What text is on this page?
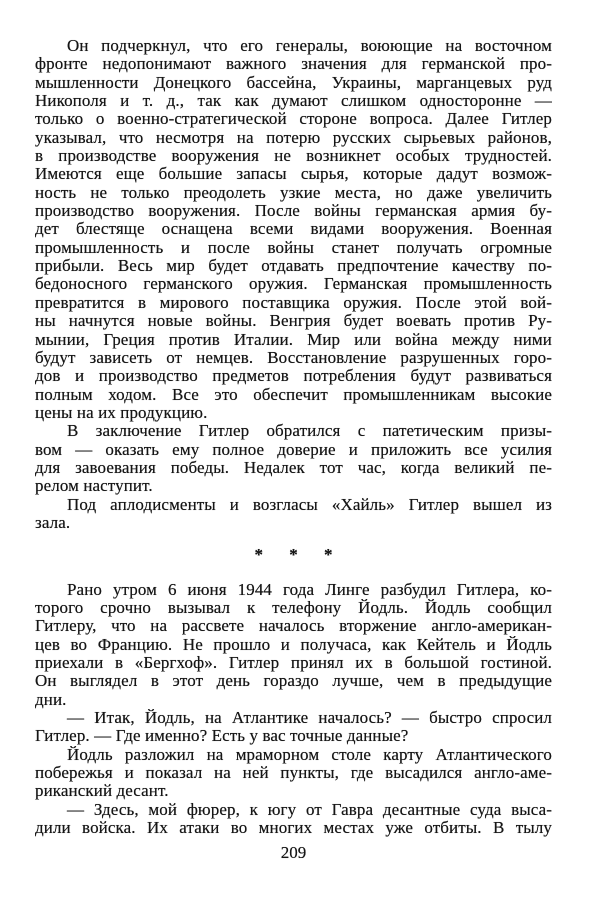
Он подчеркнул, что его генералы, воюющие на восточном
фронте недопонимают важного значения для германской про-
мышленности Донецкого бассейна, Украины, марганцевых руд
Никополя и т. д., так как думают слишком односторонне —
только о военно-стратегической стороне вопроса. Далее Гитлер
указывал, что несмотря на потерю русских сырьевых районов,
в производстве вооружения не возникнет особых трудностей.
Имеются еще большие запасы сырья, которые дадут возмож-
ность не только преодолеть узкие места, но даже увеличить
производство вооружения. После войны германская армия бу-
дет блестяще оснащена всеми видами вооружения. Военная
промышленность и после войны станет получать огромные
прибыли. Весь мир будет отдавать предпочтение качеству по-
бедоносного германского оружия. Германская промышленность
превратится в мирового поставщика оружия. После этой вой-
ны начнутся новые войны. Венгрия будет воевать против Ру-
мынии, Греция против Италии. Мир или война между ними
будут зависеть от немцев. Восстановление разрушенных горо-
дов и производство предметов потребления будут развиваться
полным ходом. Все это обеспечит промышленникам высокие
цены на их продукцию.
В заключение Гитлер обратился с патетическим призы-
вом — оказать ему полное доверие и приложить все усилия
для завоевания победы. Недалек тот час, когда великий пе-
релом наступит.
Под аплодисменты и возгласы «Хайль» Гитлер вышел из
зала.
* * *
Рано утром 6 июня 1944 года Линге разбудил Гитлера, ко-
торого срочно вызывал к телефону Йодль. Йодль сообщил
Гитлеру, что на рассвете началось вторжение англо-американ-
цев во Францию. Не прошло и получаса, как Кейтель и Йодль
приехали в «Бергхоф». Гитлер принял их в большой гостиной.
Он выглядел в этот день гораздо лучше, чем в предыдущие
дни.
— Итак, Йодль, на Атлантике началось? — быстро спросил
Гитлер. — Где именно? Есть у вас точные данные?
Йодль разложил на мраморном столе карту Атлантического
побережья и показал на ней пункты, где высадился англо-аме-
риканский десант.
— Здесь, мой фюрер, к югу от Гавра десантные суда выса-
дили войска. Их атаки во многих местах уже отбиты. В тылу
209
